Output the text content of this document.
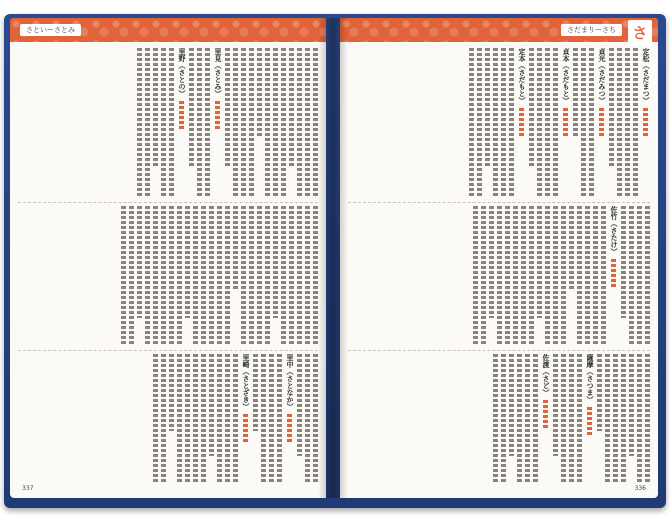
さといーさとみ
里見（さとみ）
里野（さとの）
里中（さとなか）
里崎（さとざき）
337
さだまりーさち	さ
定松（さだまつ）
貞光（さだみつ）
貞本（さだもと）
定本（さだもと）
佐竹（さたけ）
薩摩（さつま）
佐渡（さど）
336
